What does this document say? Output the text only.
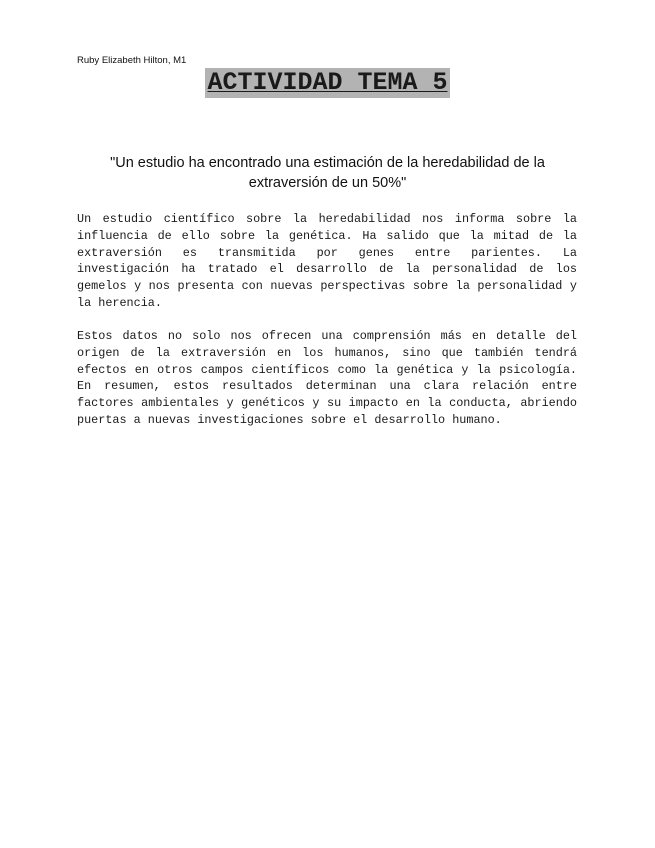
Ruby Elizabeth Hilton, M1
ACTIVIDAD TEMA 5
"Un estudio ha encontrado una estimación de la heredabilidad de la extraversión de un 50%"

Un estudio científico sobre la heredabilidad nos informa sobre la influencia de ello sobre la genética. Ha salido que la mitad de la extraversión es transmitida por genes entre parientes. La investigación ha tratado el desarrollo de la personalidad de los gemelos y nos presenta con nuevas perspectivas sobre la personalidad y la herencia.

Estos datos no solo nos ofrecen una comprensión más en detalle del origen de la extraversión en los humanos, sino que también tendrá efectos en otros campos científicos como la genética y la psicología. En resumen, estos resultados determinan una clara relación entre factores ambientales y genéticos y su impacto en la conducta, abriendo puertas a nuevas investigaciones sobre el desarrollo humano.
